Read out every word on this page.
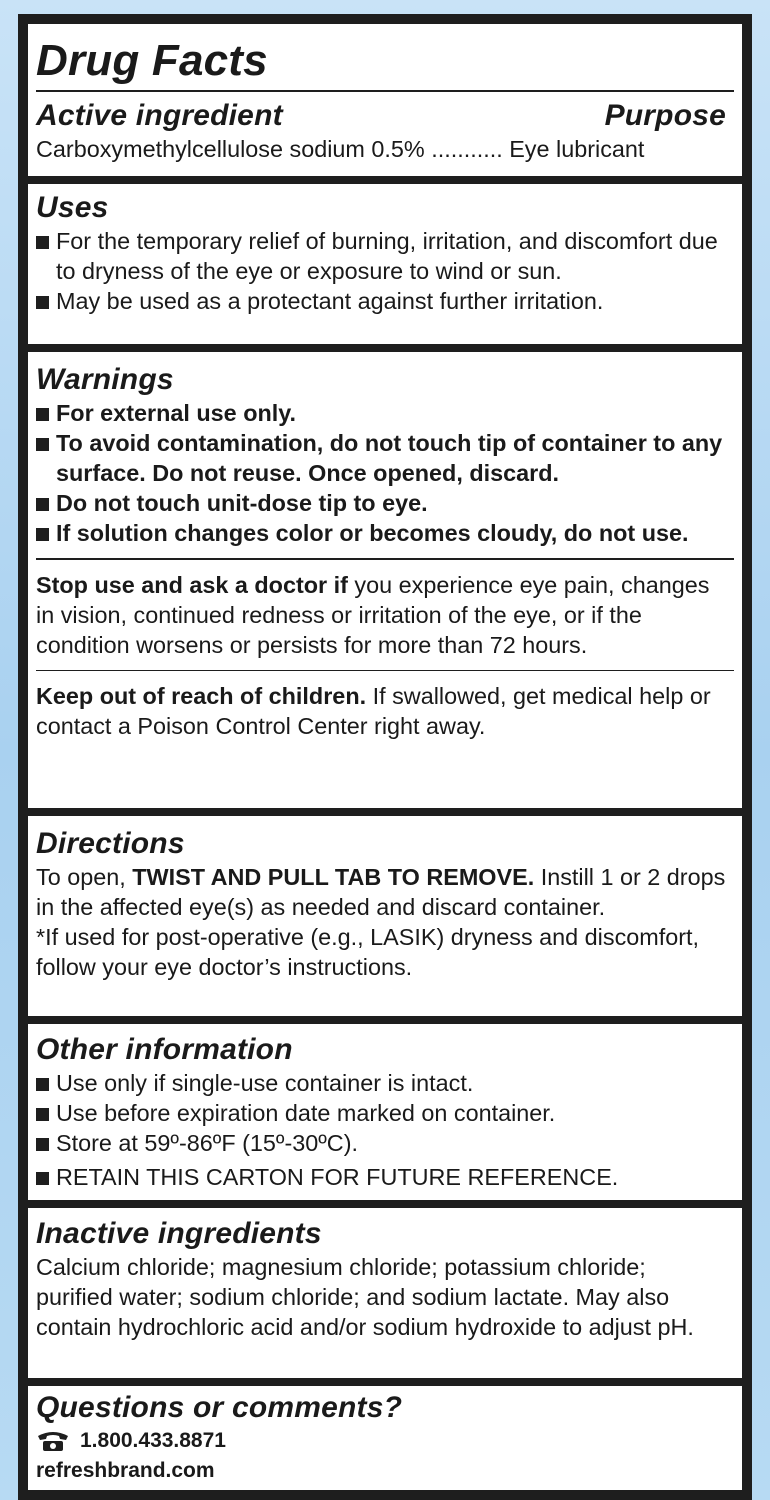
Drug Facts
Active ingredient	Purpose
Carboxymethylcellulose sodium 0.5% ........... Eye lubricant
Uses
For the temporary relief of burning, irritation, and discomfort due to dryness of the eye or exposure to wind or sun.
May be used as a protectant against further irritation.
Warnings
For external use only.
To avoid contamination, do not touch tip of container to any surface. Do not reuse. Once opened, discard.
Do not touch unit-dose tip to eye.
If solution changes color or becomes cloudy, do not use.
Stop use and ask a doctor if you experience eye pain, changes in vision, continued redness or irritation of the eye, or if the condition worsens or persists for more than 72 hours.
Keep out of reach of children. If swallowed, get medical help or contact a Poison Control Center right away.
Directions
To open, TWIST AND PULL TAB TO REMOVE. Instill 1 or 2 drops in the affected eye(s) as needed and discard container.
*If used for post-operative (e.g., LASIK) dryness and discomfort, follow your eye doctor’s instructions.
Other information
Use only if single-use container is intact.
Use before expiration date marked on container.
Store at 59º-86ºF (15º-30ºC).
RETAIN THIS CARTON FOR FUTURE REFERENCE.
Inactive ingredients
Calcium chloride; magnesium chloride; potassium chloride; purified water; sodium chloride; and sodium lactate. May also contain hydrochloric acid and/or sodium hydroxide to adjust pH.
Questions or comments?
1.800.433.8871
refreshbrand.com
